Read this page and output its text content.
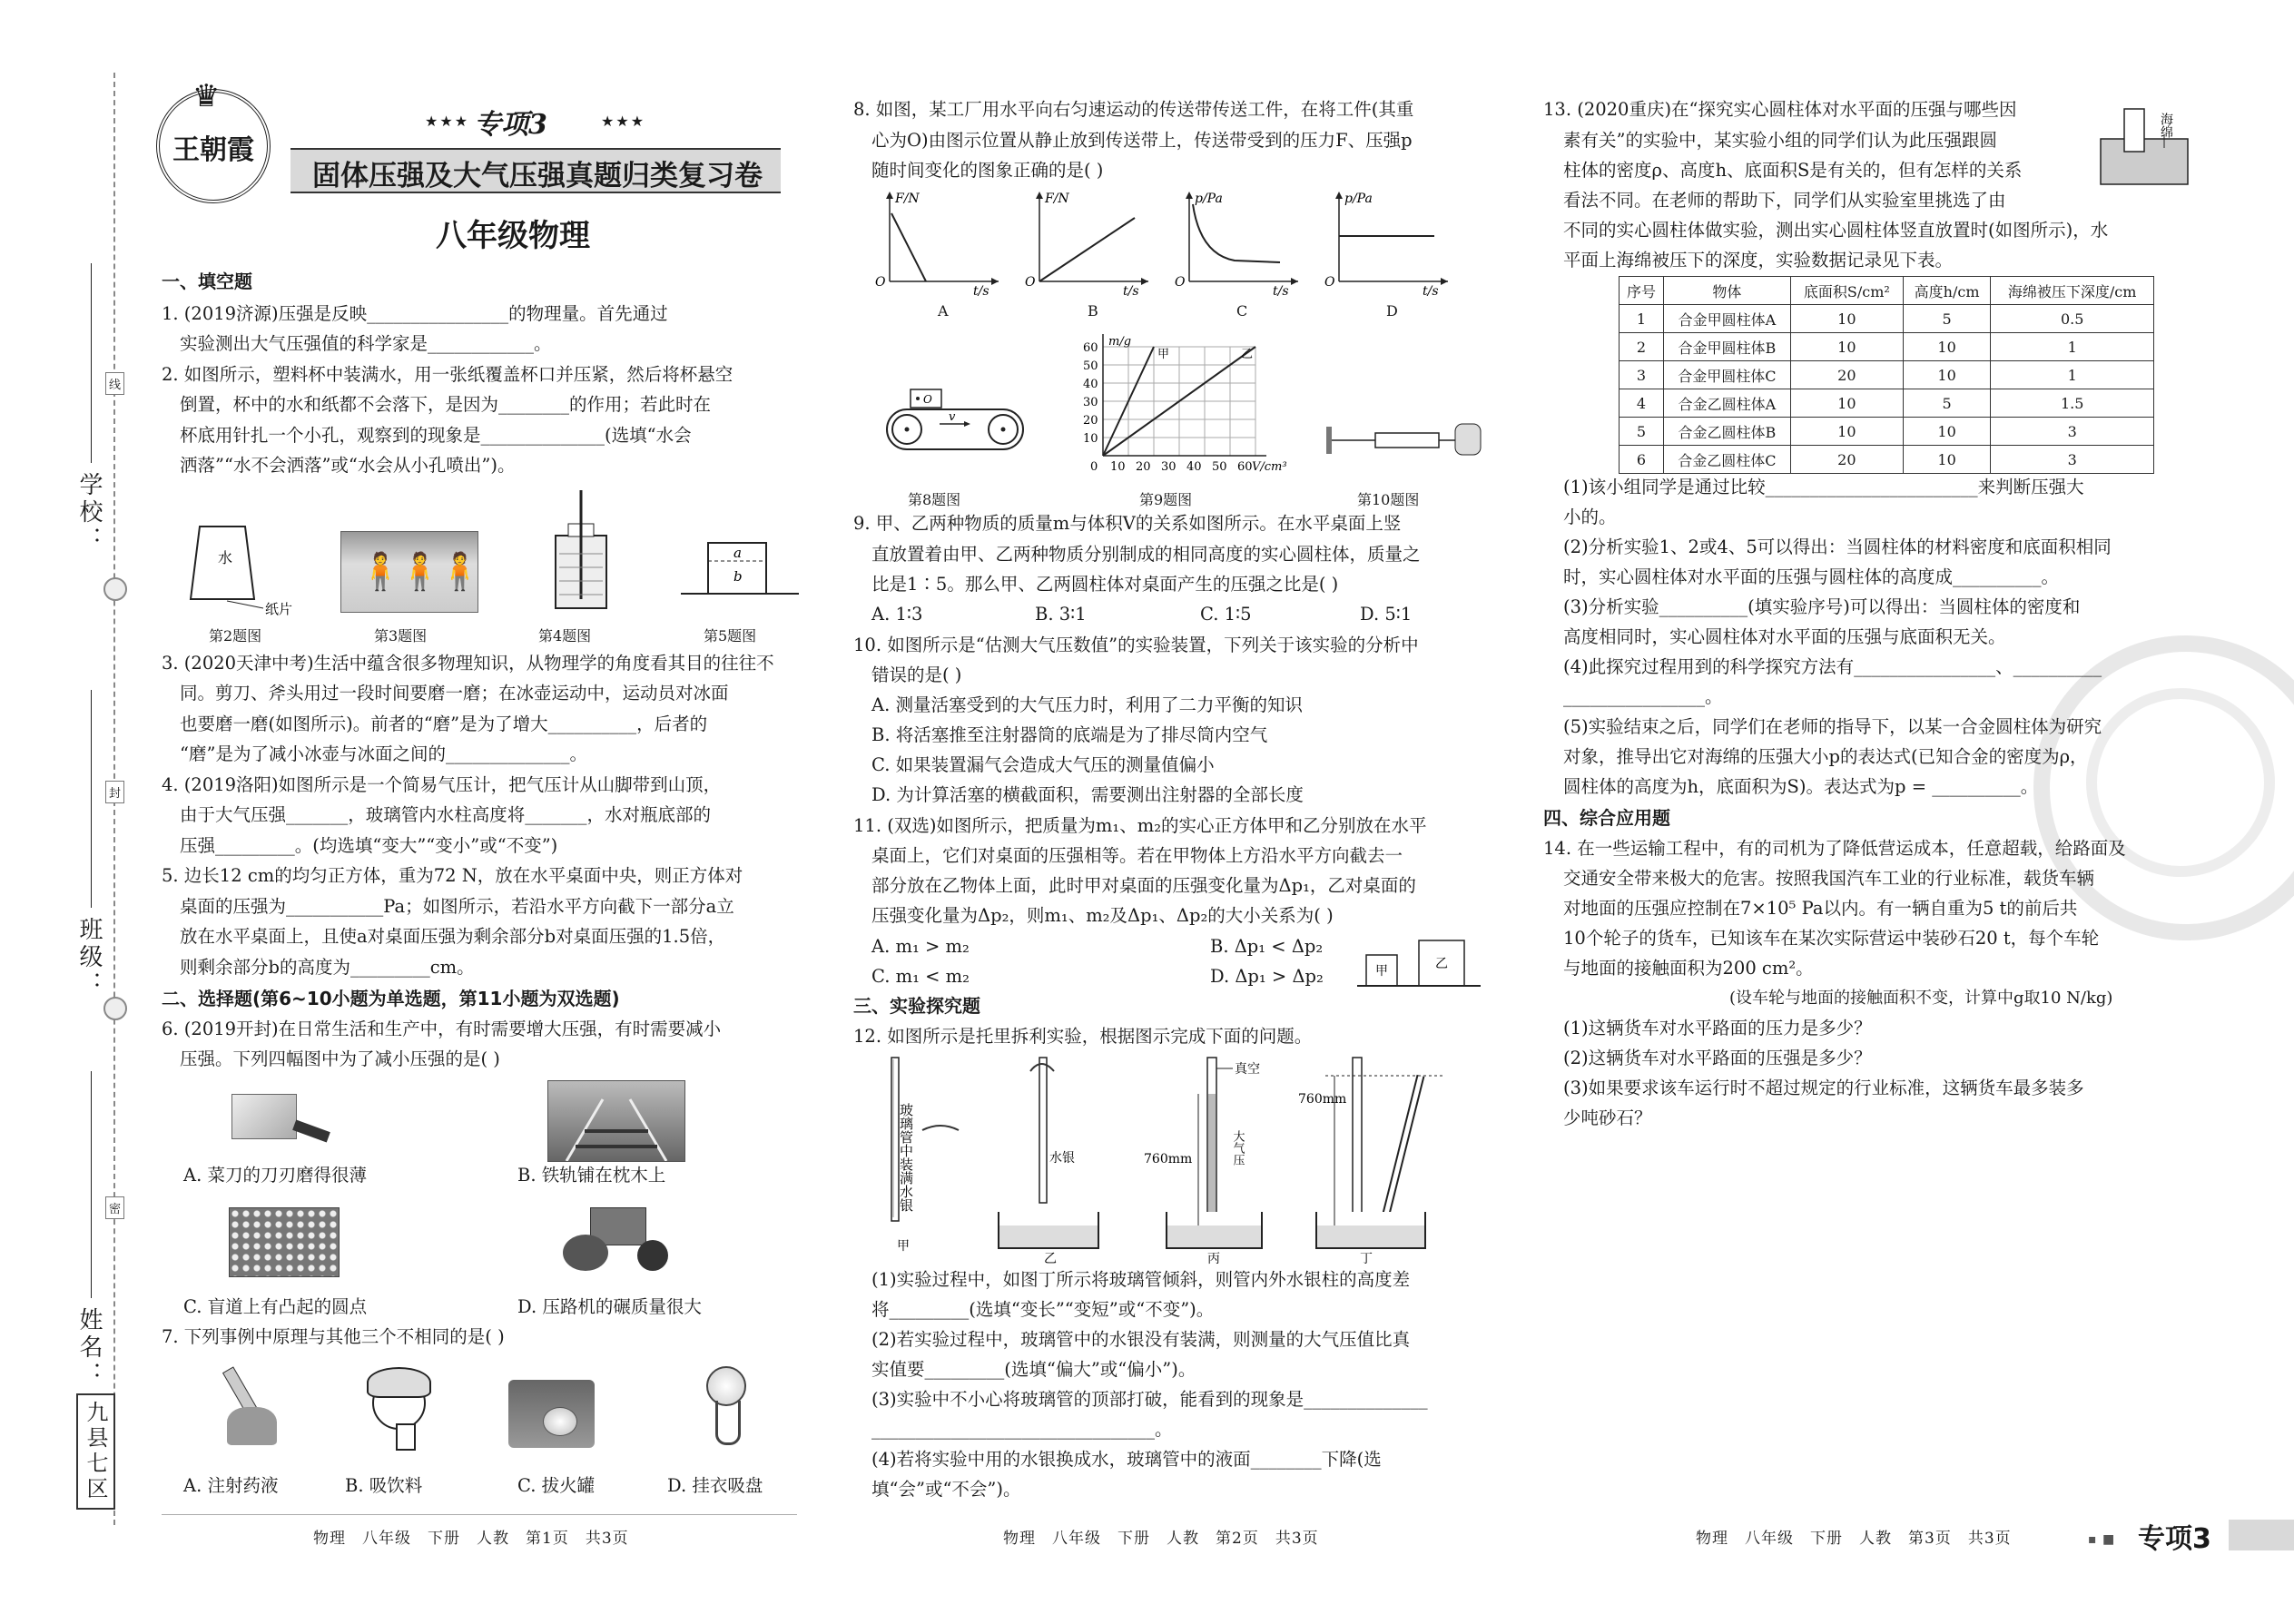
学校：
班级：
姓名：
线
封
密
九县七区
♛
王朝霞
★★★ 专项3	★★★
固体压强及大气压强真题归类复习卷
八年级物理
一、填空题
1. (2019济源)压强是反映________________的物理量。首先通过
实验测出大气压强值的科学家是____________。
2. 如图所示，塑料杯中装满水，用一张纸覆盖杯口并压紧，然后将杯悬空
倒置，杯中的水和纸都不会落下，是因为________的作用；若此时在
杯底用针扎一个小孔，观察到的现象是______________(选填“水会
洒落”“水不会洒落”或“水会从小孔喷出”)。
水
纸片
🧍🧍🧍	a
b
第2题图	第3题图	第4题图	第5题图
3. (2020天津中考)生活中蕴含很多物理知识，从物理学的角度看其目的往往不
同。剪刀、斧头用过一段时间要磨一磨；在冰壶运动中，运动员对冰面
也要磨一磨(如图所示)。前者的“磨”是为了增大__________，后者的
“磨”是为了减小冰壶与冰面之间的______________。
4. (2019洛阳)如图所示是一个简易气压计，把气压计从山脚带到山顶，
由于大气压强_______，玻璃管内水柱高度将_______，水对瓶底部的
压强_________。(均选填“变大”“变小”或“不变”)
5. 边长12 cm的均匀正方体，重为72 N，放在水平桌面中央，则正方体对
桌面的压强为___________Pa；如图所示，若沿水平方向截下一部分a立
放在水平桌面上，且使a对桌面压强为剩余部分b对桌面压强的1.5倍，
则剩余部分b的高度为_________cm。
二、选择题(第6~10小题为单选题，第11小题为双选题)
6. (2019开封)在日常生活和生产中，有时需要增大压强，有时需要减小
压强。下列四幅图中为了减小压强的是( )
A. 菜刀的刀刃磨得很薄	B. 铁轨铺在枕木上
C. 盲道上有凸起的圆点	D. 压路机的碾质量很大
7. 下列事例中原理与其他三个不相同的是( )
A. 注射药液	B. 吸饮料	C. 拔火罐	D. 挂衣吸盘
物理　八年级　下册　人教　第1页　共3页
8. 如图，某工厂用水平向右匀速运动的传送带传送工件，在将工件(其重
心为O)由图示位置从静止放到传送带上，传送带受到的压力F、压强p
随时间变化的图象正确的是( )
F/N
t/s
O
F/N
t/s
O
p/Pa
t/s
O
p/Pa
t/s
O
A	B	C	D
O
v
60
50
40
30
20
10
10 20 30 40 50 60
0
m/g
V/cm³
甲	乙
第8题图	第9题图	第10题图
9. 甲、乙两种物质的质量m与体积V的关系如图所示。在水平桌面上竖
直放置着由甲、乙两种物质分别制成的相同高度的实心圆柱体，质量之
比是1∶5。那么甲、乙两圆柱体对桌面产生的压强之比是( )
A. 1∶3	B. 3∶1	C. 1∶5	D. 5∶1
10. 如图所示是“估测大气压数值”的实验装置，下列关于该实验的分析中
错误的是( )
A. 测量活塞受到的大气压力时，利用了二力平衡的知识
B. 将活塞推至注射器筒的底端是为了排尽筒内空气
C. 如果装置漏气会造成大气压的测量值偏小
D. 为计算活塞的横截面积，需要测出注射器的全部长度
11. (双选)如图所示，把质量为m₁、m₂的实心正方体甲和乙分别放在水平
桌面上，它们对桌面的压强相等。若在甲物体上方沿水平方向截去一
部分放在乙物体上面，此时甲对桌面的压强变化量为Δp₁，乙对桌面的
压强变化量为Δp₂，则m₁、m₂及Δp₁、Δp₂的大小关系为( )
A. m₁ > m₂	B. Δp₁ < Δp₂
C. m₁ < m₂	D. Δp₁ > Δp₂	甲	乙
三、实验探究题
12. 如图所示是托里拆利实验，根据图示完成下面的问题。
玻璃管中装满水银
甲
水银
乙
真空
760mm	大气压
丙
760mm
丁
(1)实验过程中，如图丁所示将玻璃管倾斜，则管内外水银柱的高度差
将_________(选填“变长”“变短”或“不变”)。
(2)若实验过程中，玻璃管中的水银没有装满，则测量的大气压值比真
实值要_________(选填“偏大”或“偏小”)。
(3)实验中不小心将玻璃管的顶部打破，能看到的现象是______________
________________________________。
(4)若将实验中用的水银换成水，玻璃管中的液面________下降(选
填“会”或“不会”)。
物理　八年级　下册　人教　第2页　共3页
13. (2020重庆)在“探究实心圆柱体对水平面的压强与哪些因
素有关”的实验中，某实验小组的同学们认为此压强跟圆
柱体的密度ρ、高度h、底面积S是有关的，但有怎样的关系
看法不同。在老师的帮助下，同学们从实验室里挑选了由
不同的实心圆柱体做实验，测出实心圆柱体竖直放置时(如图所示)，水
平面上海绵被压下的深度，实验数据记录见下表。
海绵
序号	物体	底面积S/cm²	高度h/cm	海绵被压下深度/cm
1	合金甲圆柱体A	10	5	0.5
2	合金甲圆柱体B	10	10	1
3	合金甲圆柱体C	20	10	1
4	合金乙圆柱体A	10	5	1.5
5	合金乙圆柱体B	10	10	3
6	合金乙圆柱体C	20	10	3
(1)该小组同学是通过比较________________________来判断压强大
小的。
(2)分析实验1、2或4、5可以得出：当圆柱体的材料密度和底面积相同
时，实心圆柱体对水平面的压强与圆柱体的高度成__________。
(3)分析实验__________(填实验序号)可以得出：当圆柱体的密度和
高度相同时，实心圆柱体对水平面的压强与底面积无关。
(4)此探究过程用到的科学探究方法有________________、__________
________________。
(5)实验结束之后，同学们在老师的指导下，以某一合金圆柱体为研究
对象，推导出它对海绵的压强大小p的表达式(已知合金的密度为ρ，
圆柱体的高度为h，底面积为S)。表达式为p = __________。
四、综合应用题
14. 在一些运输工程中，有的司机为了降低营运成本，任意超载，给路面及
交通安全带来极大的危害。按照我国汽车工业的行业标准，载货车辆
对地面的压强应控制在7×10⁵ Pa以内。有一辆自重为5 t的前后共
10个轮子的货车，已知该车在某次实际营运中装砂石20 t，每个车轮
与地面的接触面积为200 cm²。
(设车轮与地面的接触面积不变，计算中g取10 N/kg)
(1)这辆货车对水平路面的压力是多少？
(2)这辆货车对水平路面的压强是多少？
(3)如果要求该车运行时不超过规定的行业标准，这辆货车最多装多
少吨砂石？
物理　八年级　下册　人教　第3页　共3页	▪ ■ 专项3
